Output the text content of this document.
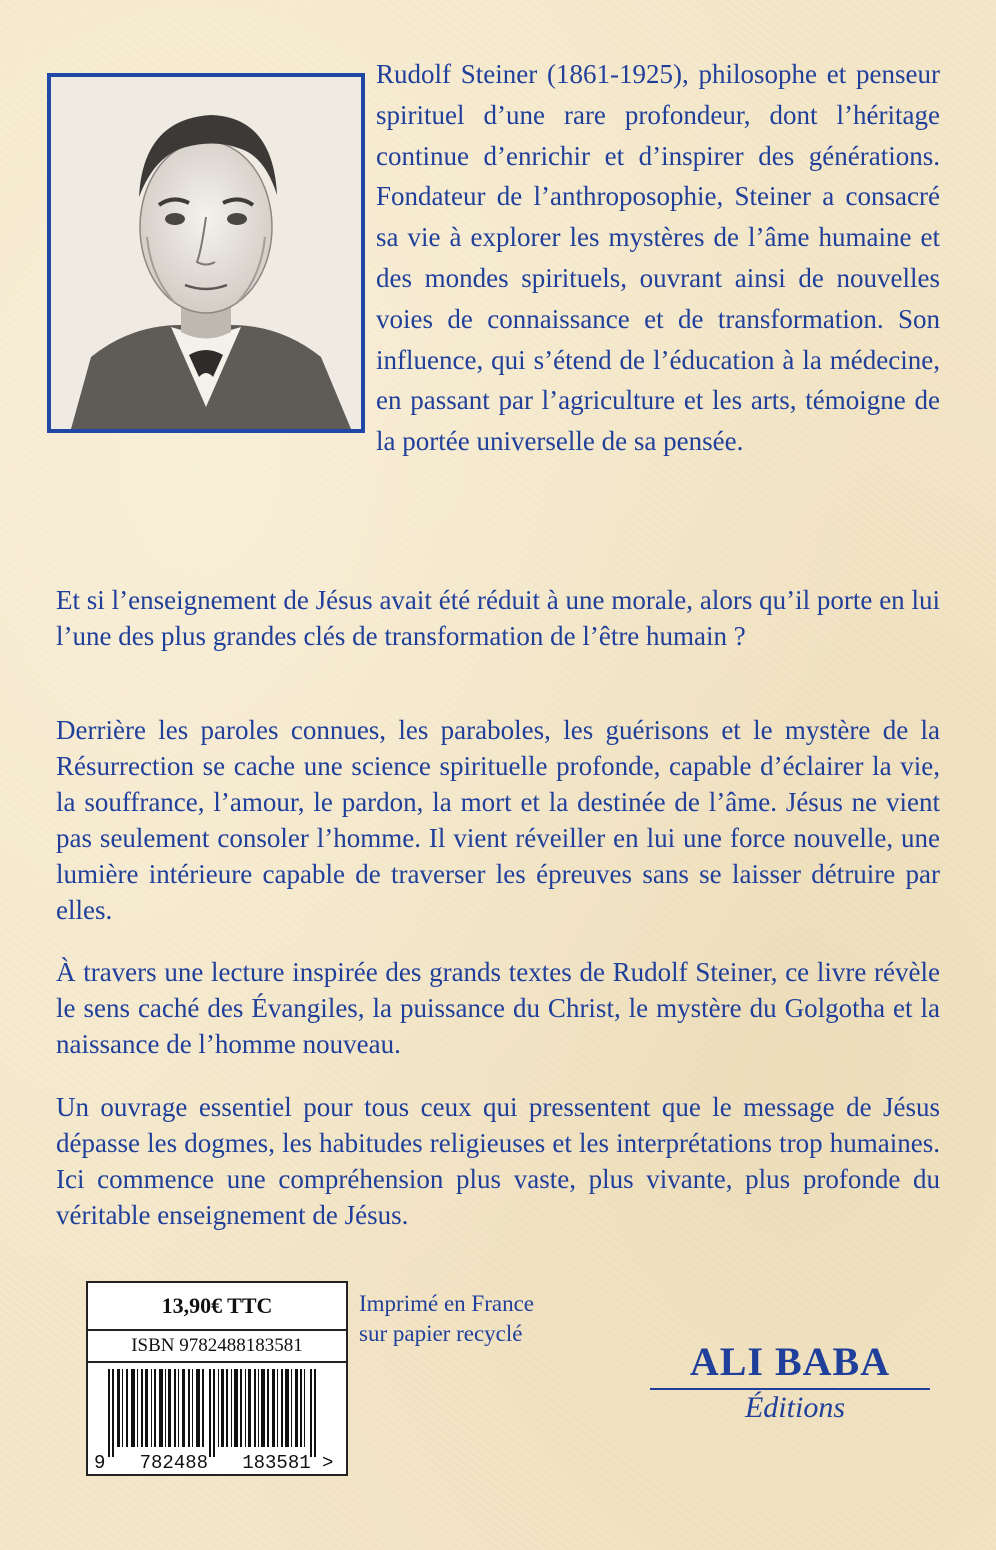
Rudolf Steiner (1861-1925), philosophe et penseur spirituel d’une rare profondeur, dont l’héritage continue d’enrichir et d’inspirer des générations. Fondateur de l’anthroposophie, Steiner a consacré sa vie à explorer les mystères de l’âme humaine et des mondes spirituels, ouvrant ainsi de nouvelles voies de connaissance et de transformation. Son influence, qui s’étend de l’éducation à la médecine, en passant par l’agriculture et les arts, témoigne de la portée universelle de sa pensée.

Et si l’enseignement de Jésus avait été réduit à une morale, alors qu’il porte en lui l’une des plus grandes clés de transformation de l’être humain ?

Derrière les paroles connues, les paraboles, les guérisons et le mystère de la Résurrection se cache une science spirituelle profonde, capable d’éclairer la vie, la souffrance, l’amour, le pardon, la mort et la destinée de l’âme. Jésus ne vient pas seulement consoler l’homme. Il vient réveiller en lui une force nouvelle, une lumière intérieure capable de traverser les épreuves sans se laisser détruire par elles.

À travers une lecture inspirée des grands textes de Rudolf Steiner, ce livre révèle le sens caché des Évangiles, la puissance du Christ, le mystère du Golgotha et la naissance de l’homme nouveau.

Un ouvrage essentiel pour tous ceux qui pressentent que le message de Jésus dépasse les dogmes, les habitudes religieuses et les interprétations trop humaines. Ici commence une compréhension plus vaste, plus vivante, plus profonde du véritable enseignement de Jésus.

13,90€ TTC
ISBN 9782488183581
9   782488   183581 >

Imprimé en France
sur papier recyclé

ALI BABA
Éditions
